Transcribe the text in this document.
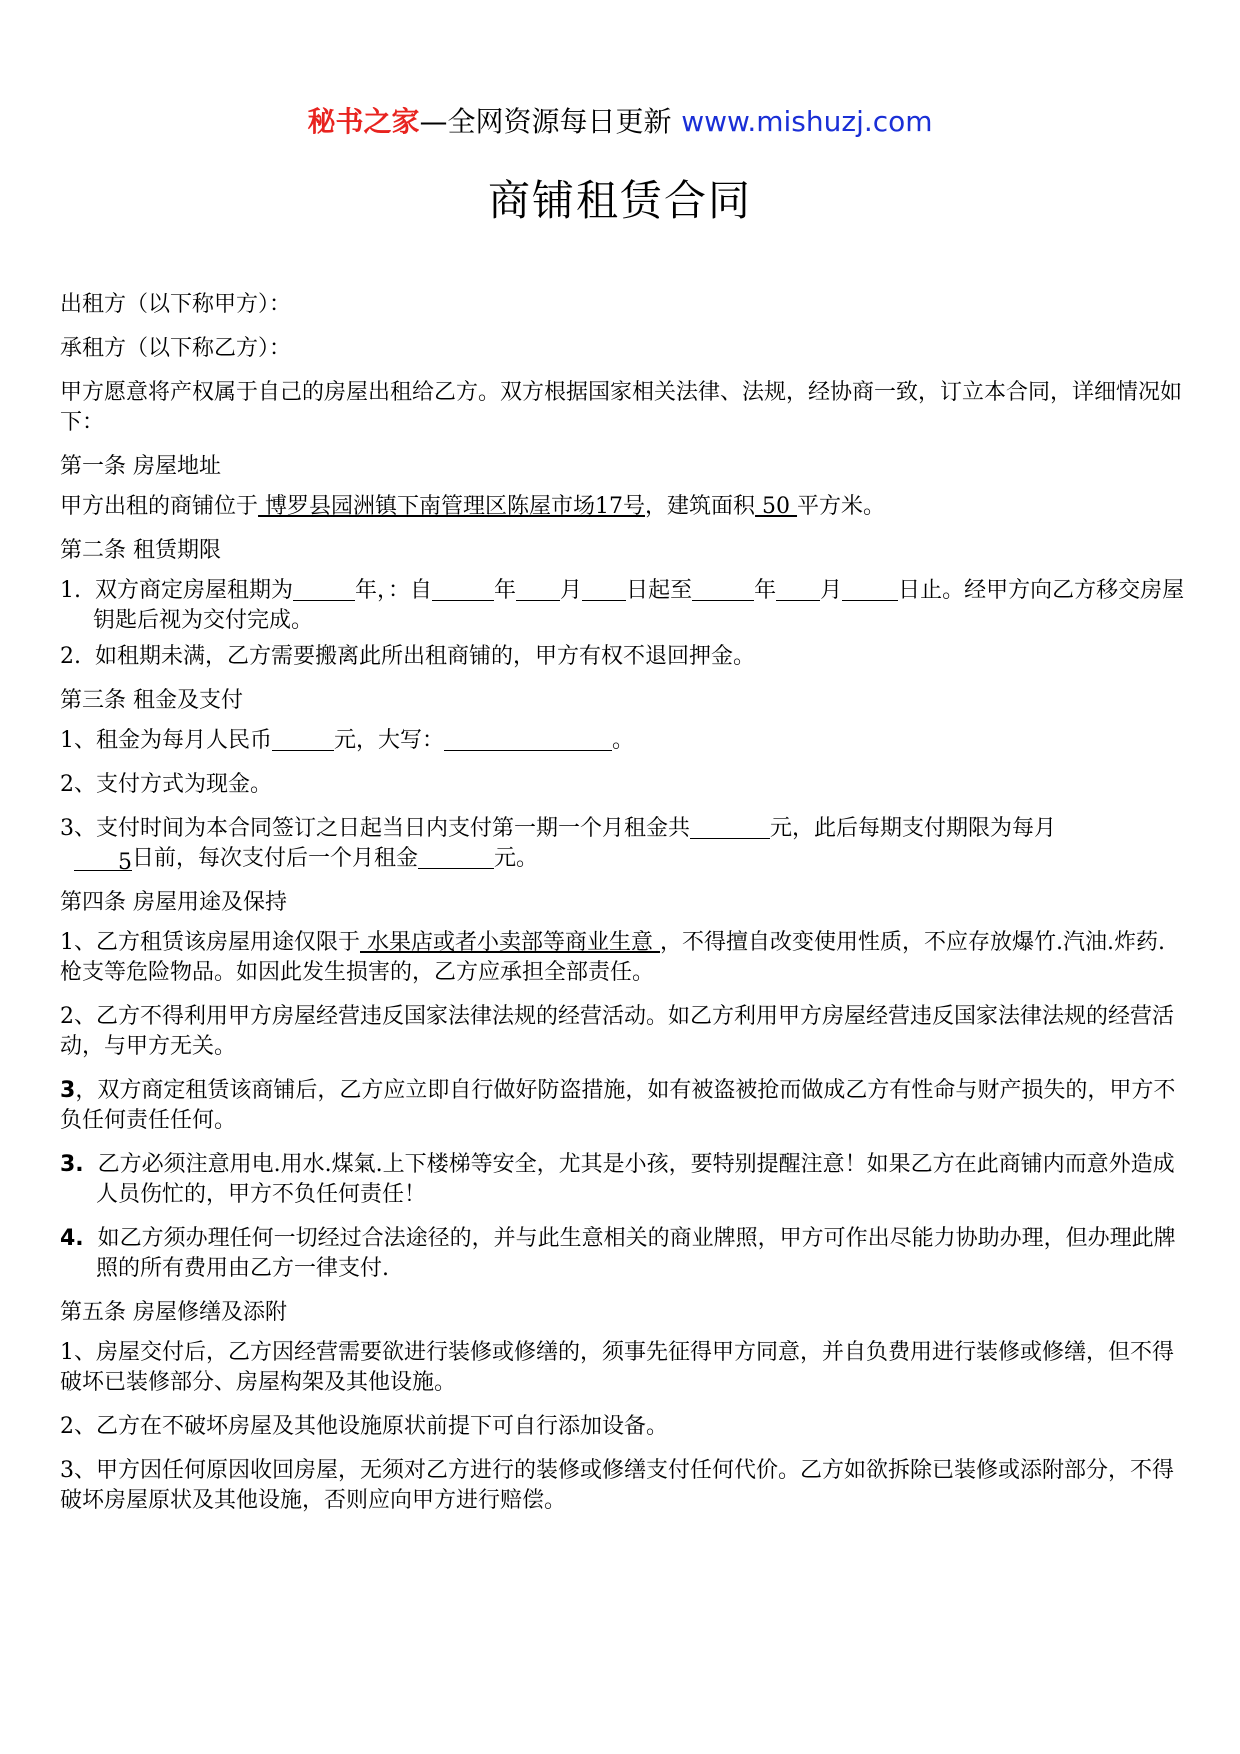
秘书之家—全网资源每日更新 www.mishuzj.com
商铺租赁合同
出租方（以下称甲方）：
承租方（以下称乙方）：
甲方愿意将产权属于自己的房屋出租给乙方。双方根据国家相关法律、法规，经协商一致，订立本合同，详细情况如下：
第一条 房屋地址
甲方出租的商铺位于 博罗县园洲镇下南管理区陈屋市场17号，建筑面积 50 平方米。
第二条 租赁期限
1. 双方商定房屋租期为	年，：自	年 月 日起至	年 月	日止。经甲方向乙方移交房屋钥匙后视为交付完成。
2. 如租期未满，乙方需要搬离此所出租商铺的，甲方有权不退回押金。
第三条 租金及支付
1、租金为每月人民币	元，大写：	。
2、支付方式为现金。
3、支付时间为本合同签订之日起当日内支付第一期一个月租金共	元，此后每期支付期限为每月
5日前，每次支付后一个月租金	元。
第四条 房屋用途及保持
1、乙方租赁该房屋用途仅限于 水果店或者小卖部等商业生意 ，不得擅自改变使用性质，不应存放爆竹.汽油.炸药.枪支等危险物品。如因此发生损害的，乙方应承担全部责任。
2、乙方不得利用甲方房屋经营违反国家法律法规的经营活动。如乙方利用甲方房屋经营违反国家法律法规的经营活动，与甲方无关。
3，双方商定租赁该商铺后，乙方应立即自行做好防盗措施，如有被盗被抢而做成乙方有性命与财产损失的，甲方不负任何责任任何。
3. 乙方必须注意用电.用水.煤氣.上下楼梯等安全，尤其是小孩，要特别提醒注意！如果乙方在此商铺内而意外造成人员伤忙的，甲方不负任何责任！
4. 如乙方须办理任何一切经过合法途径的，并与此生意相关的商业牌照，甲方可作出尽能力协助办理，但办理此牌照的所有费用由乙方一律支付.
第五条 房屋修缮及添附
1、房屋交付后，乙方因经营需要欲进行装修或修缮的，须事先征得甲方同意，并自负费用进行装修或修缮，但不得破坏已装修部分、房屋构架及其他设施。
2、乙方在不破坏房屋及其他设施原状前提下可自行添加设备。
3、甲方因任何原因收回房屋，无须对乙方进行的装修或修缮支付任何代价。乙方如欲拆除已装修或添附部分，不得破坏房屋原状及其他设施，否则应向甲方进行赔偿。
